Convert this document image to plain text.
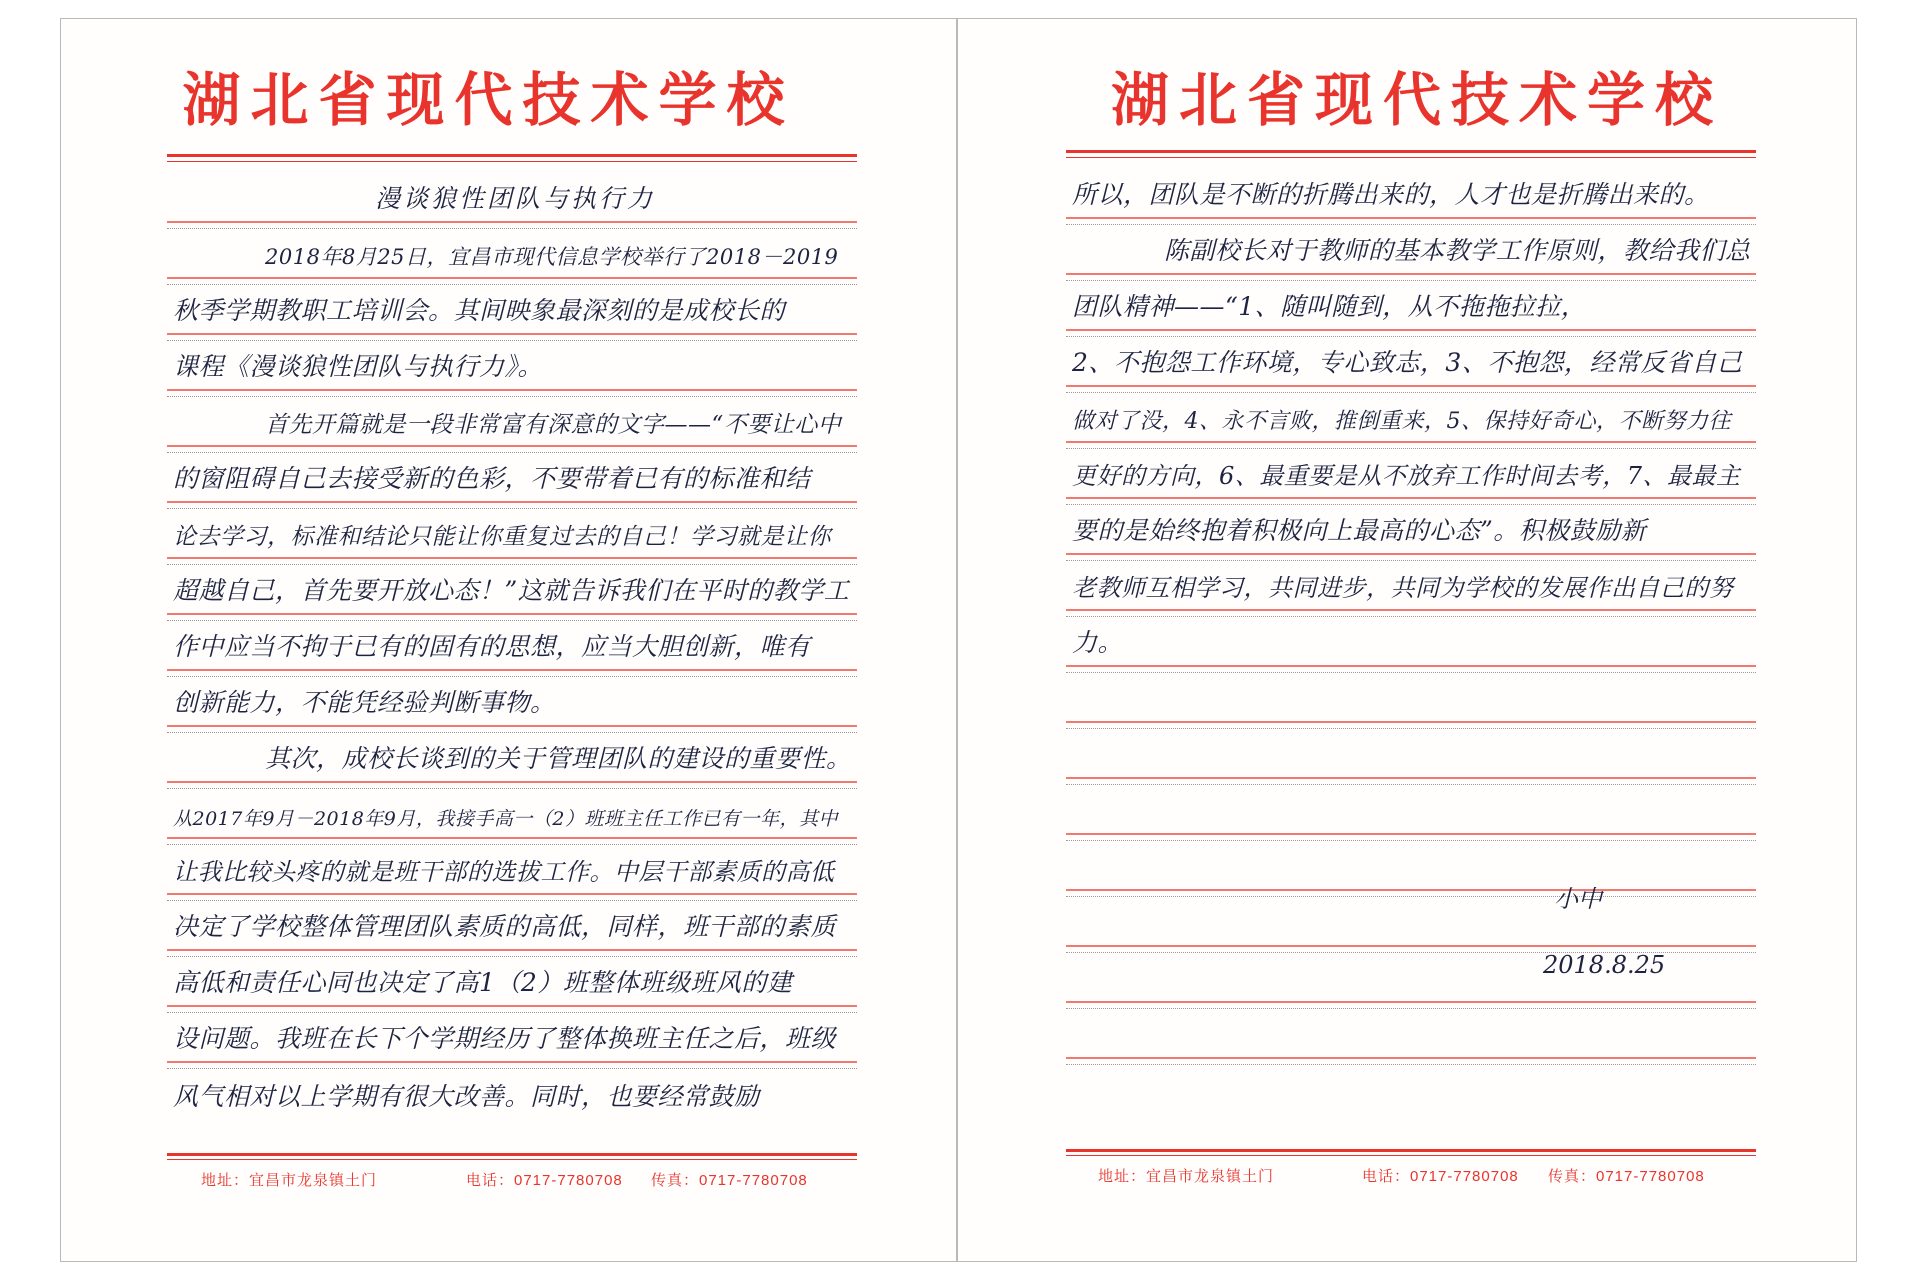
湖北省现代技术学校
漫谈狼性团队与执行力
2018年8月25日，宜昌市现代信息学校举行了2018－2019
秋季学期教职工培训会。其间映象最深刻的是成校长的
课程《漫谈狼性团队与执行力》。
首先开篇就是一段非常富有深意的文字——“不要让心中
的窗阻碍自己去接受新的色彩，不要带着已有的标准和结
论去学习，标准和结论只能让你重复过去的自己！学习就是让你
超越自己，首先要开放心态！”这就告诉我们在平时的教学工
作中应当不拘于已有的固有的思想，应当大胆创新，唯有
创新能力，不能凭经验判断事物。
其次，成校长谈到的关于管理团队的建设的重要性。
从2017年9月－2018年9月，我接手高一（2）班班主任工作已有一年，其中
让我比较头疼的就是班干部的选拔工作。中层干部素质的高低
决定了学校整体管理团队素质的高低，同样，班干部的素质
高低和责任心同也决定了高1（2）班整体班级班风的建
设问题。我班在长下个学期经历了整体换班主任之后，班级
风气相对以上学期有很大改善。同时，也要经常鼓励
地址：宜昌市龙泉镇土门	电话：0717-7780708 传真：0717-7780708
湖北省现代技术学校
所以，团队是不断的折腾出来的，人才也是折腾出来的。
陈副校长对于教师的基本教学工作原则，教给我们总
团队精神——“1、随叫随到，从不拖拖拉拉，
2、不抱怨工作环境，专心致志，3、不抱怨，经常反省自己
做对了没，4、永不言败，推倒重来，5、保持好奇心，不断努力往
更好的方向，6、最重要是从不放弃工作时间去考，7、最最主
要的是始终抱着积极向上最高的心态”。积极鼓励新
老教师互相学习，共同进步，共同为学校的发展作出自己的努
力。
小中
2018.8.25
地址：宜昌市龙泉镇土门	电话：0717-7780708 传真：0717-7780708
